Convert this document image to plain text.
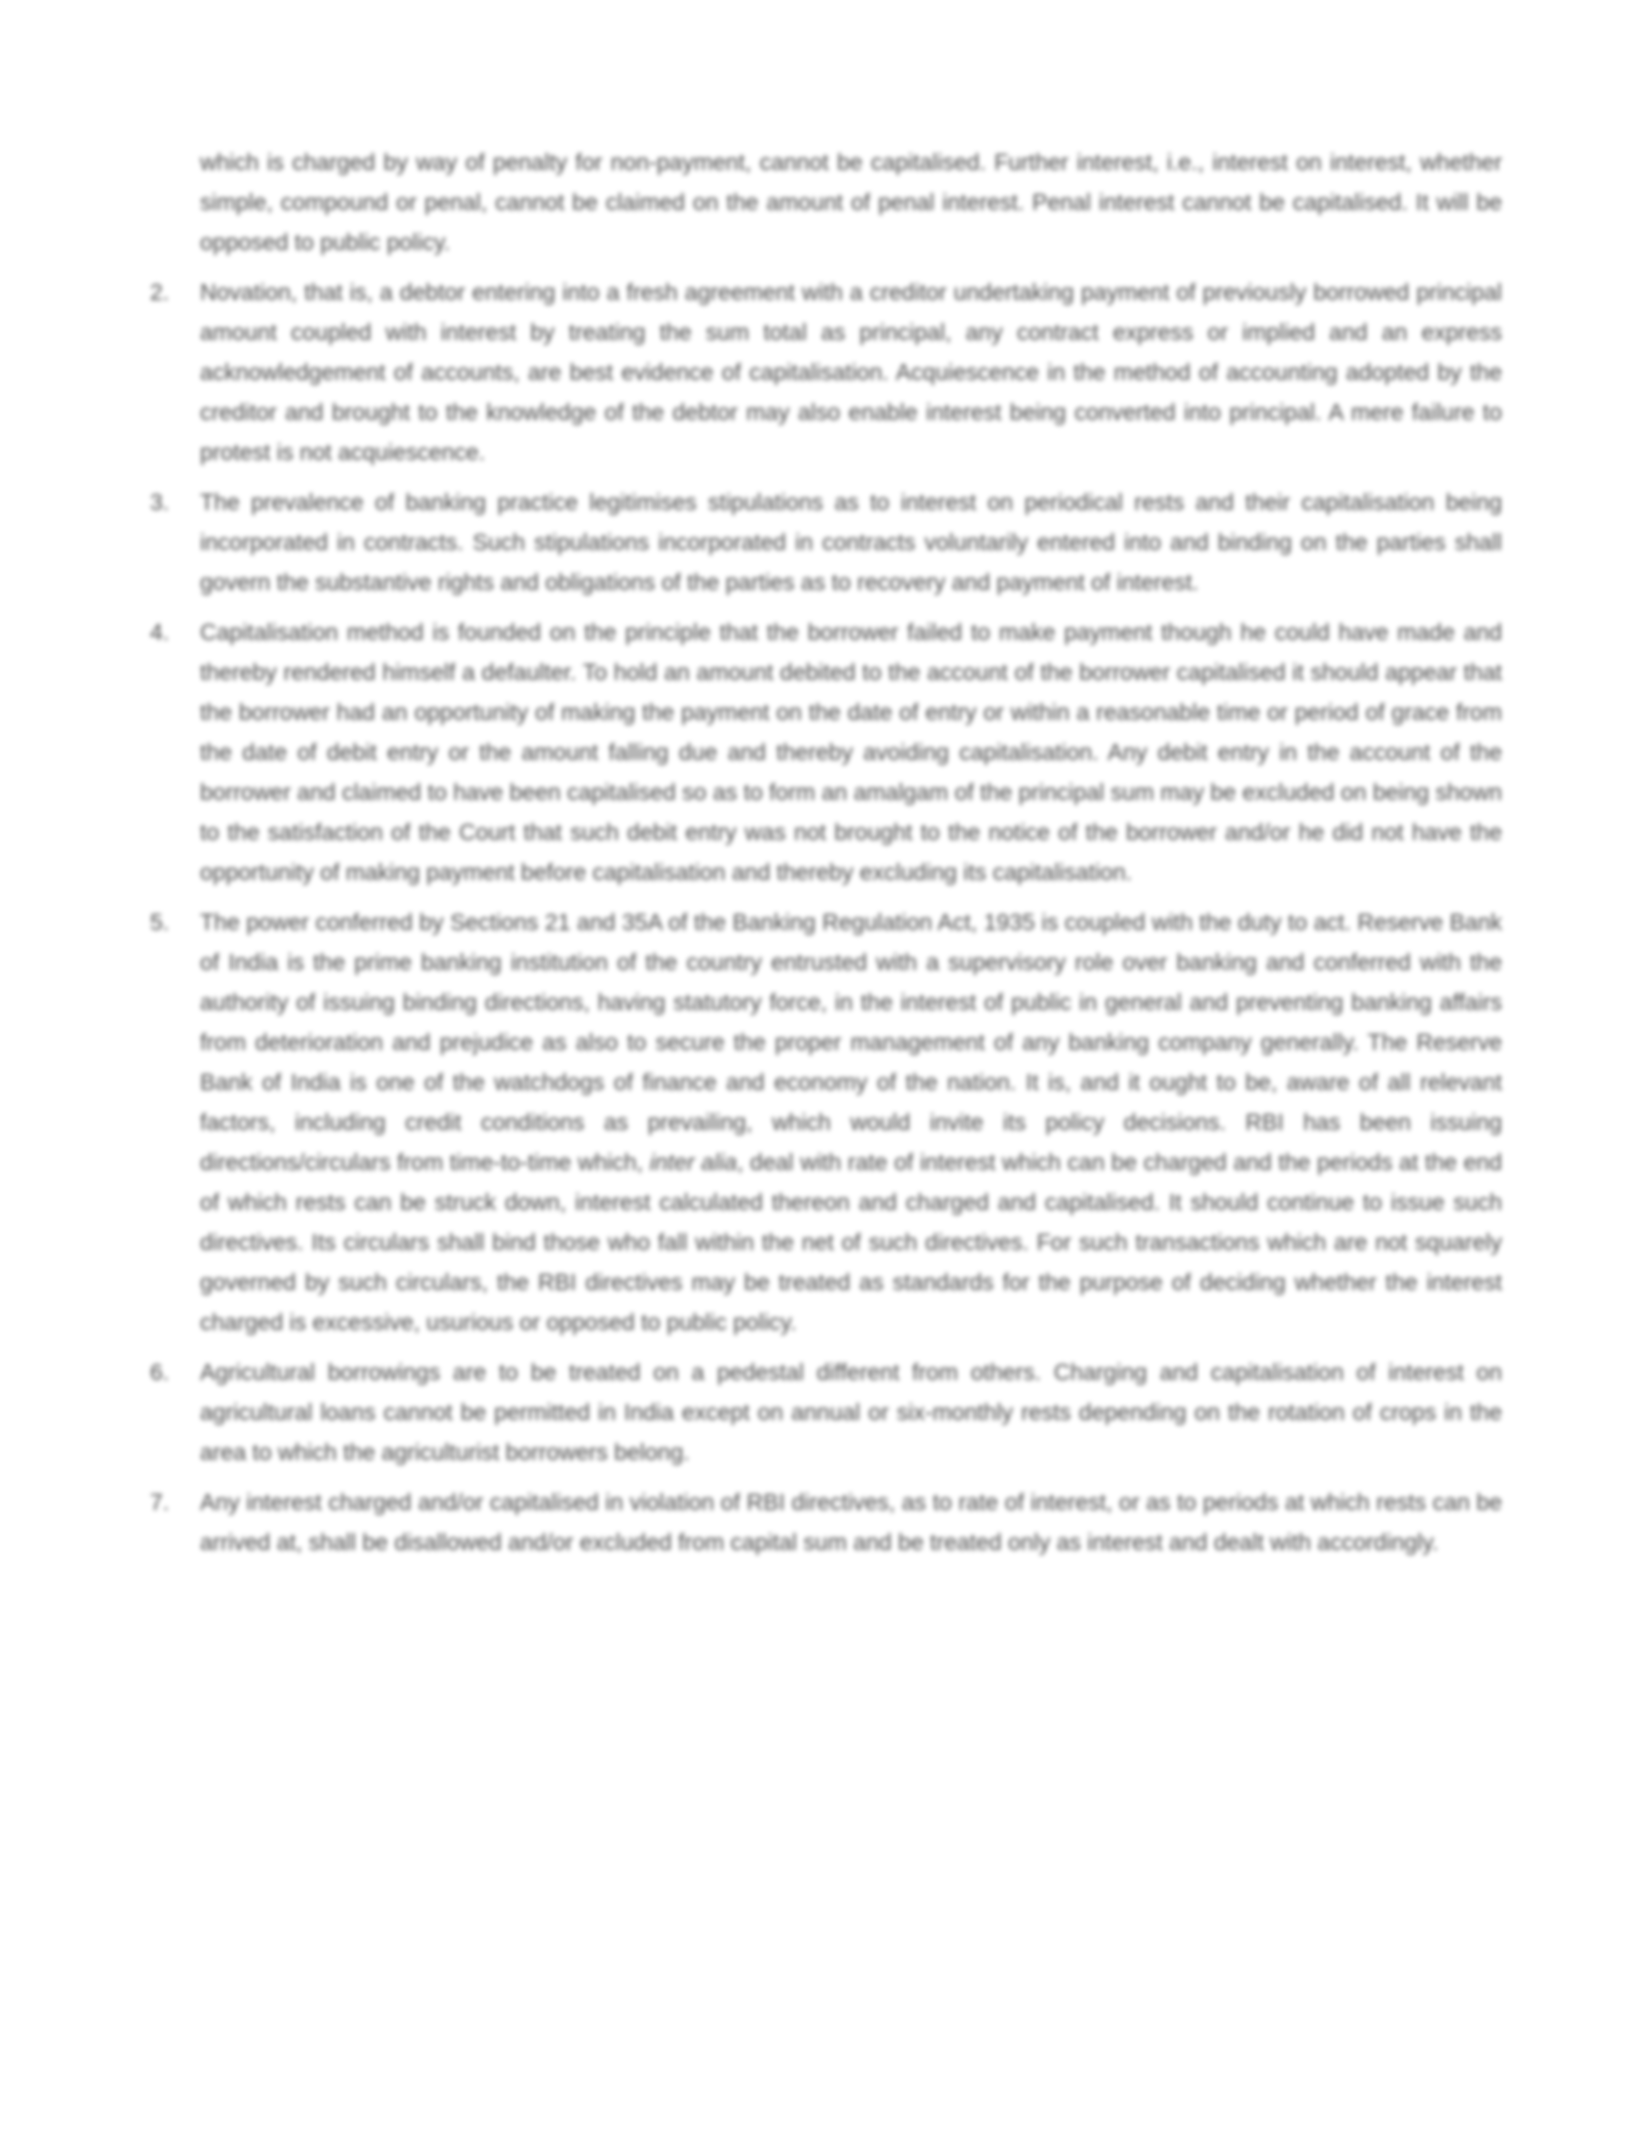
which is charged by way of penalty for non-payment, cannot be capitalised. Further interest, i.e., interest on interest, whether simple, compound or penal, cannot be claimed on the amount of penal interest. Penal interest cannot be capitalised. It will be opposed to public policy.

2.	Novation, that is, a debtor entering into a fresh agreement with a creditor undertaking payment of previously borrowed principal amount coupled with interest by treating the sum total as principal, any contract express or implied and an express acknowledgement of accounts, are best evidence of capitalisation. Acquiescence in the method of accounting adopted by the creditor and brought to the knowledge of the debtor may also enable interest being converted into principal. A mere failure to protest is not acquiescence.
3.	The prevalence of banking practice legitimises stipulations as to interest on periodical rests and their capitalisation being incorporated in contracts. Such stipulations incorporated in contracts voluntarily entered into and binding on the parties shall govern the substantive rights and obligations of the parties as to recovery and payment of interest.
4.	Capitalisation method is founded on the principle that the borrower failed to make payment though he could have made and thereby rendered himself a defaulter. To hold an amount debited to the account of the borrower capitalised it should appear that the borrower had an opportunity of making the payment on the date of entry or within a reasonable time or period of grace from the date of debit entry or the amount falling due and thereby avoiding capitalisation. Any debit entry in the account of the borrower and claimed to have been capitalised so as to form an amalgam of the principal sum may be excluded on being shown to the satisfaction of the Court that such debit entry was not brought to the notice of the borrower and/or he did not have the opportunity of making payment before capitalisation and thereby excluding its capitalisation.
5.	The power conferred by Sections 21 and 35A of the Banking Regulation Act, 1935 is coupled with the duty to act. Reserve Bank of India is the prime banking institution of the country entrusted with a supervisory role over banking and conferred with the authority of issuing binding directions, having statutory force, in the interest of public in general and preventing banking affairs from deterioration and prejudice as also to secure the proper management of any banking company generally. The Reserve Bank of India is one of the watchdogs of finance and economy of the nation. It is, and it ought to be, aware of all relevant factors, including credit conditions as prevailing, which would invite its policy decisions. RBI has been issuing directions/circulars from time-to-time which, inter alia, deal with rate of interest which can be charged and the periods at the end of which rests can be struck down, interest calculated thereon and charged and capitalised. It should continue to issue such directives. Its circulars shall bind those who fall within the net of such directives. For such transactions which are not squarely governed by such circulars, the RBI directives may be treated as standards for the purpose of deciding whether the interest charged is excessive, usurious or opposed to public policy.
6.	Agricultural borrowings are to be treated on a pedestal different from others. Charging and capitalisation of interest on agricultural loans cannot be permitted in India except on annual or six-monthly rests depending on the rotation of crops in the area to which the agriculturist borrowers belong.
7.	Any interest charged and/or capitalised in violation of RBI directives, as to rate of interest, or as to periods at which rests can be arrived at, shall be disallowed and/or excluded from capital sum and be treated only as interest and dealt with accordingly.
